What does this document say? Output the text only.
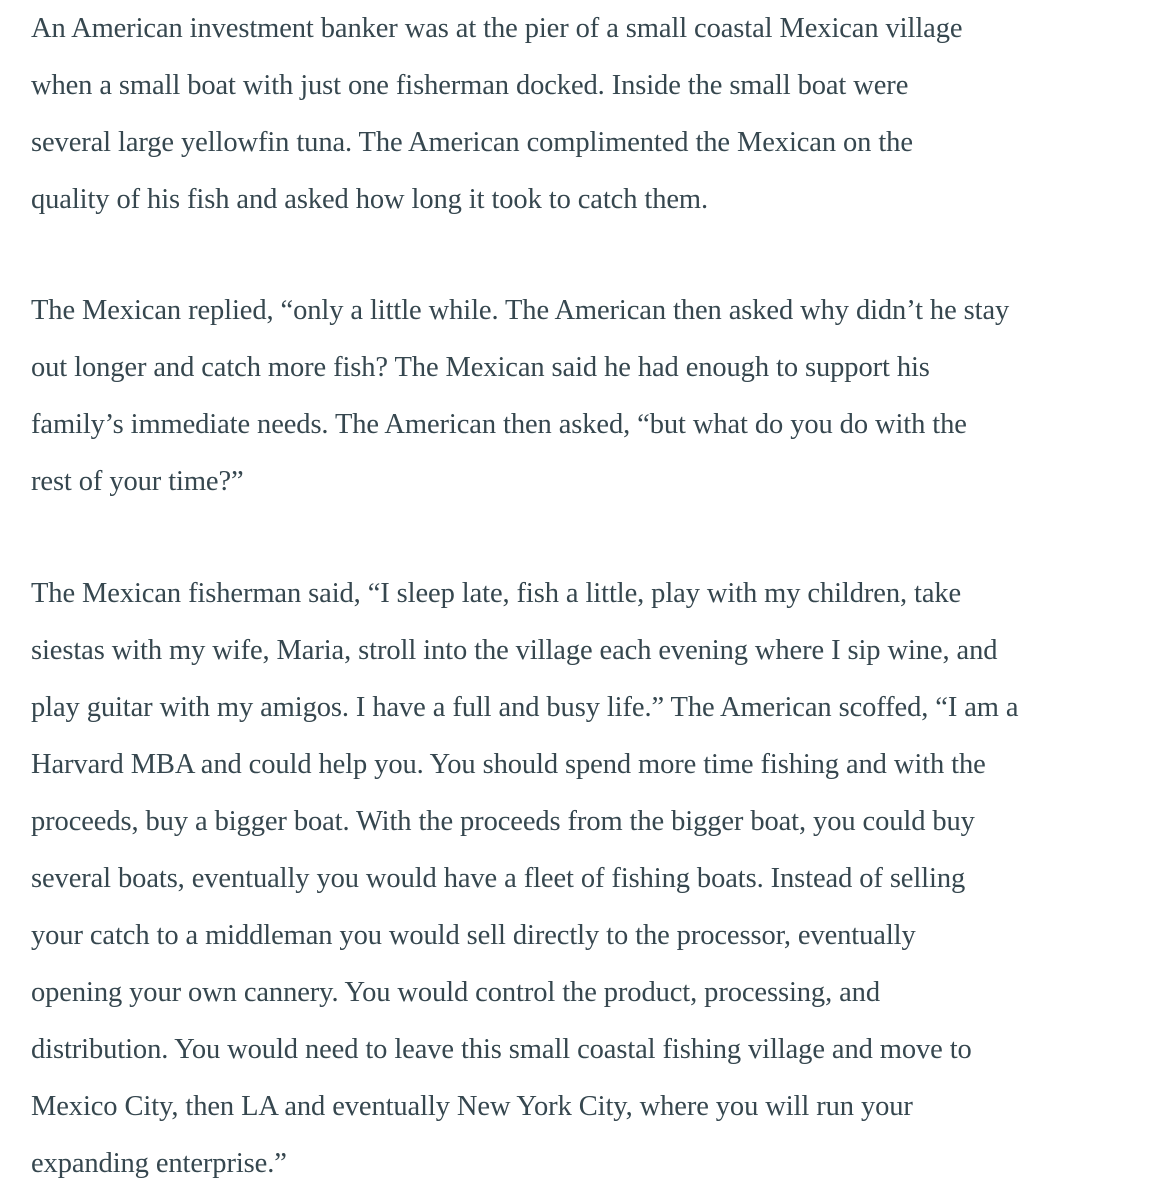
An American investment banker was at the pier of a small coastal Mexican village
when a small boat with just one fisherman docked. Inside the small boat were
several large yellowfin tuna. The American complimented the Mexican on the
quality of his fish and asked how long it took to catch them.
The Mexican replied, “only a little while. The American then asked why didn’t he stay
out longer and catch more fish? The Mexican said he had enough to support his
family’s immediate needs. The American then asked, “but what do you do with the
rest of your time?”
The Mexican fisherman said, “I sleep late, fish a little, play with my children, take
siestas with my wife, Maria, stroll into the village each evening where I sip wine, and
play guitar with my amigos. I have a full and busy life.” The American scoffed, “I am a
Harvard MBA and could help you. You should spend more time fishing and with the
proceeds, buy a bigger boat. With the proceeds from the bigger boat, you could buy
several boats, eventually you would have a fleet of fishing boats. Instead of selling
your catch to a middleman you would sell directly to the processor, eventually
opening your own cannery. You would control the product, processing, and
distribution. You would need to leave this small coastal fishing village and move to
Mexico City, then LA and eventually New York City, where you will run your
expanding enterprise.”
